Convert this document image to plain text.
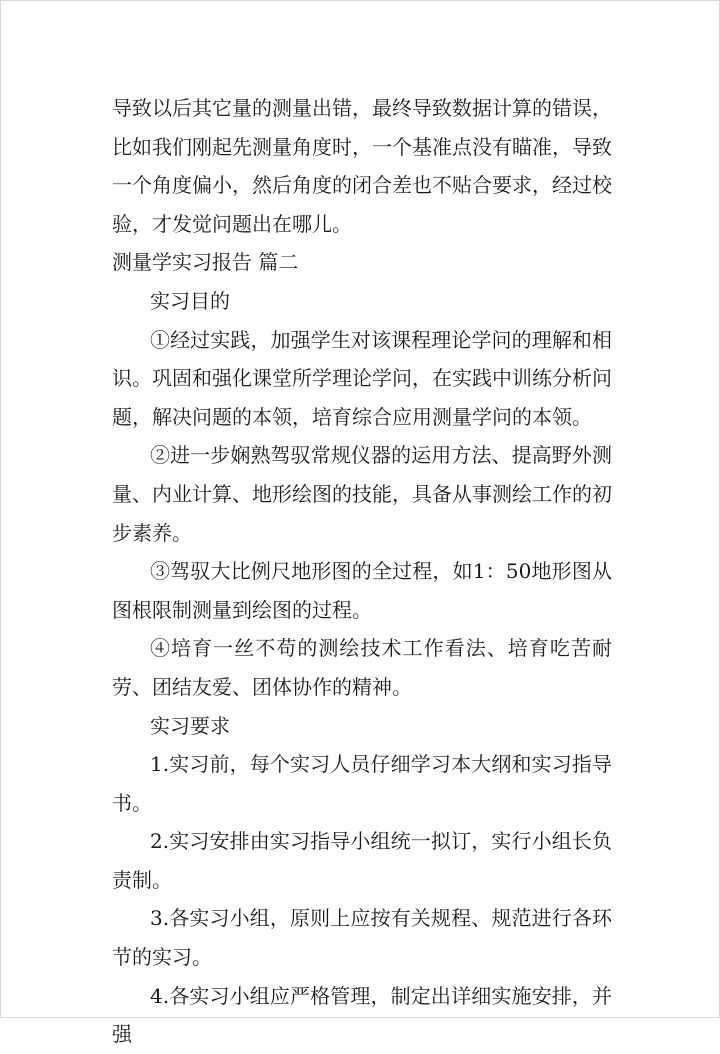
导致以后其它量的测量出错，最终导致数据计算的错误，比如我们刚起先测量角度时，一个基准点没有瞄准，导致一个角度偏小，然后角度的闭合差也不贴合要求，经过校验，才发觉问题出在哪儿。

测量学实习报告 篇二

实习目的

①经过实践，加强学生对该课程理论学问的理解和相识。巩固和强化课堂所学理论学问，在实践中训练分析问题，解决问题的本领，培育综合应用测量学问的本领。

②进一步娴熟驾驭常规仪器的运用方法、提高野外测量、内业计算、地形绘图的技能，具备从事测绘工作的初步素养。

③驾驭大比例尺地形图的全过程，如1：50地形图从图根限制测量到绘图的过程。

④培育一丝不苟的测绘技术工作看法、培育吃苦耐劳、团结友爱、团体协作的精神。

实习要求

1.实习前，每个实习人员仔细学习本大纲和实习指导书。

2.实习安排由实习指导小组统一拟订，实行小组长负责制。

3.各实习小组，原则上应按有关规程、规范进行各环节的实习。

4.各实习小组应严格管理，制定出详细实施安排，并强
